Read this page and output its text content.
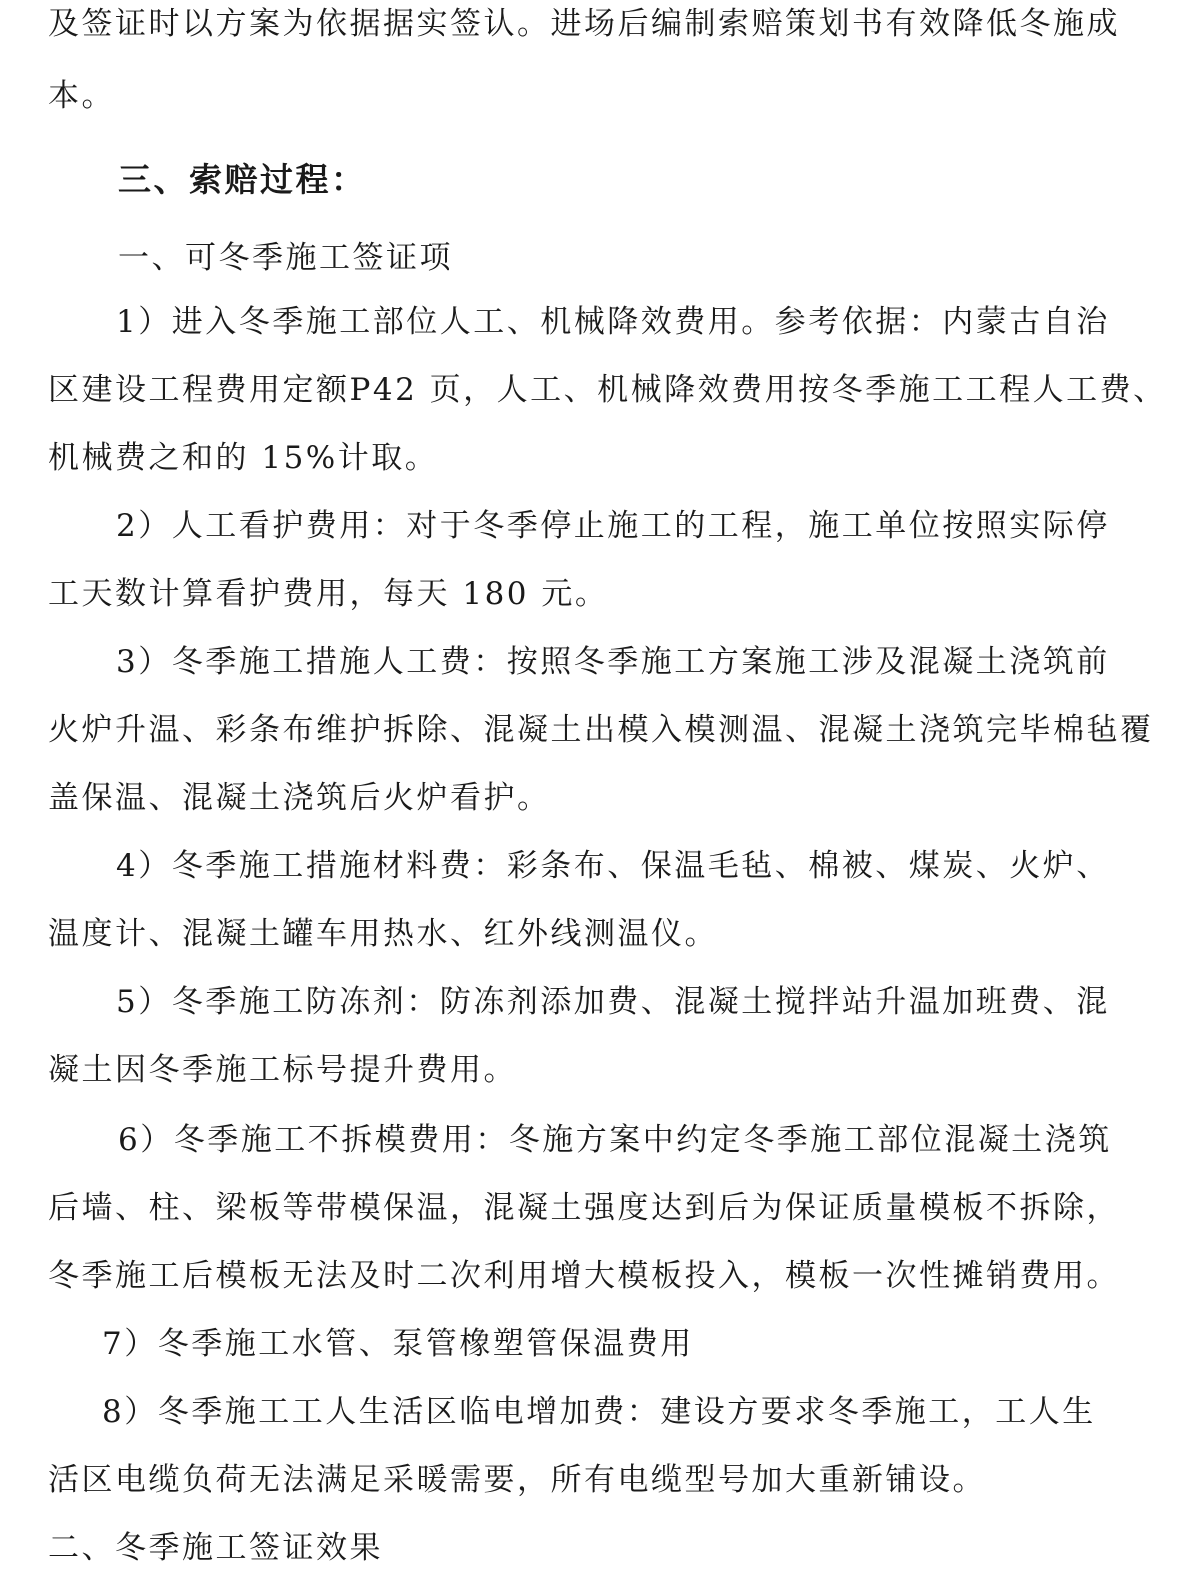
及签证时以方案为依据据实签认。进场后编制索赔策划书有效降低冬施成
本。
三、索赔过程：
一、可冬季施工签证项
1）进入冬季施工部位人工、机械降效费用。参考依据：内蒙古自治
区建设工程费用定额P42 页，人工、机械降效费用按冬季施工工程人工费、
机械费之和的 15%计取。
2）人工看护费用：对于冬季停止施工的工程，施工单位按照实际停
工天数计算看护费用，每天 180 元。
3）冬季施工措施人工费：按照冬季施工方案施工涉及混凝土浇筑前
火炉升温、彩条布维护拆除、混凝土出模入模测温、混凝土浇筑完毕棉毡覆
盖保温、混凝土浇筑后火炉看护。
4）冬季施工措施材料费：彩条布、保温毛毡、棉被、煤炭、火炉、
温度计、混凝土罐车用热水、红外线测温仪。
5）冬季施工防冻剂：防冻剂添加费、混凝土搅拌站升温加班费、混
凝土因冬季施工标号提升费用。
6）冬季施工不拆模费用：冬施方案中约定冬季施工部位混凝土浇筑
后墙、柱、梁板等带模保温，混凝土强度达到后为保证质量模板不拆除，
冬季施工后模板无法及时二次利用增大模板投入，模板一次性摊销费用。
7）冬季施工水管、泵管橡塑管保温费用
8）冬季施工工人生活区临电增加费：建设方要求冬季施工，工人生
活区电缆负荷无法满足采暖需要，所有电缆型号加大重新铺设。
二、冬季施工签证效果
